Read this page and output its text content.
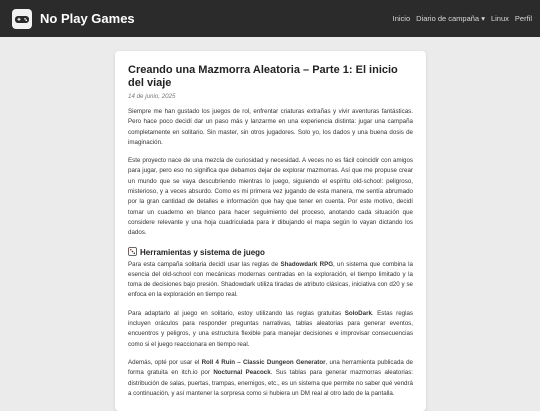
No Play Games	Inicio Diario de campaña ▾ Linux Perfil
Creando una Mazmorra Aleatoria – Parte 1: El inicio del viaje
14 de junio, 2025

Siempre me han gustado los juegos de rol, enfrentar criaturas extrañas y vivir aventuras fantásticas. Pero hace poco decidí dar un paso más y lanzarme en una experiencia distinta: jugar una campaña completamente en solitario. Sin master, sin otros jugadores. Solo yo, los dados y una buena dosis de imaginación.

Este proyecto nace de una mezcla de curiosidad y necesidad. A veces no es fácil coincidir con amigos para jugar, pero eso no significa que debamos dejar de explorar mazmorras. Así que me propuse crear un mundo que se vaya descubriendo mientras lo juego, siguiendo el espíritu old-school: peligroso, misterioso, y a veces absurdo. Como es mi primera vez jugando de esta manera, me sentía abrumado por la gran cantidad de detalles e información que hay que tener en cuenta. Por este motivo, decidí tomar un cuaderno en blanco para hacer seguimiento del proceso, anotando cada situación que considere relevante y una hoja cuadriculada para ir dibujando el mapa según lo vayan dictando los dados.

Herramientas y sistema de juego

Para esta campaña solitaria decidí usar las reglas de Shadowdark RPG, un sistema que combina la esencia del old-school con mecánicas modernas centradas en la exploración, el tiempo limitado y la toma de decisiones bajo presión. Shadowdark utiliza tiradas de atributo clásicas, iniciativa con d20 y se enfoca en la exploración en tiempo real.

Para adaptarlo al juego en solitario, estoy utilizando las reglas gratuitas SoloDark. Estas reglas incluyen oráculos para responder preguntas narrativas, tablas aleatorias para generar eventos, encuentros y peligros, y una estructura flexible para manejar decisiones e improvisar consecuencias como si el juego reaccionara en tiempo real.

Además, opté por usar el Roll 4 Ruin – Classic Dungeon Generator, una herramienta publicada de forma gratuita en itch.io por Nocturnal Peacock. Sus tablas para generar mazmorras aleatorias: distribución de salas, puertas, trampas, enemigos, etc., es un sistema que permite no saber qué vendrá a continuación, y así mantener la sorpresa como si hubiera un DM real al otro lado de la pantalla.
